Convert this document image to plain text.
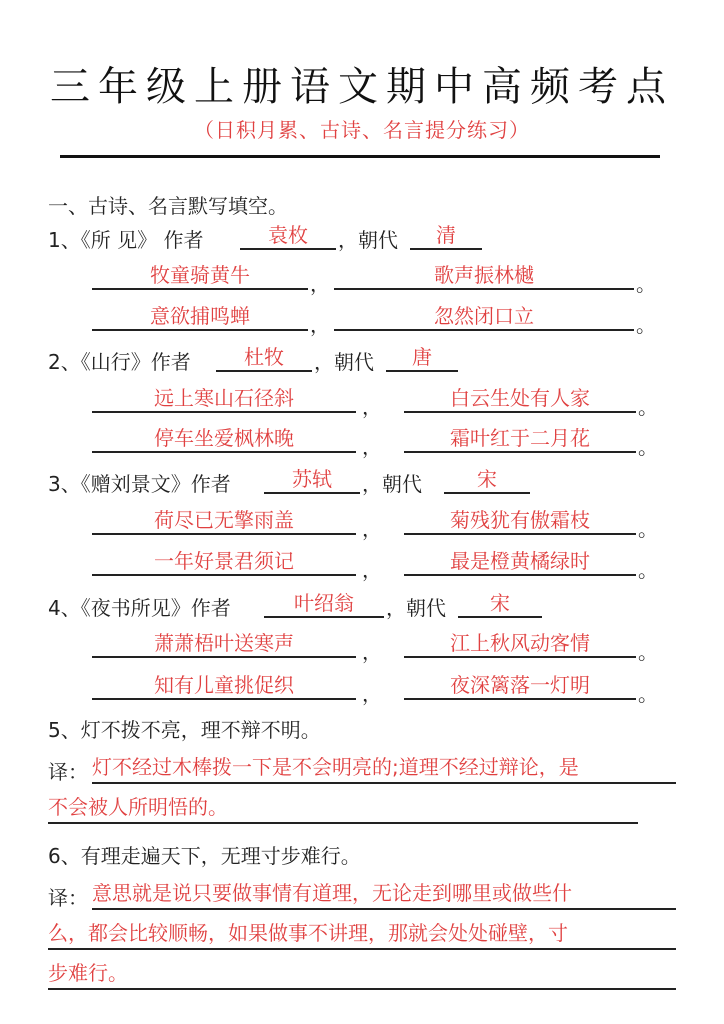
三年级上册语文期中高频考点
（日积月累、古诗、名言提分练习）
一、古诗、名言默写填空。
1、《所 见》 作者	袁枚	，朝代	清
牧童骑黄牛	，	歌声振林樾	。
意欲捕鸣蝉	，	忽然闭口立	。
2、《山行》作者	杜牧	，朝代	唐
远上寒山石径斜	，	白云生处有人家	。
停车坐爱枫林晚	，	霜叶红于二月花	。
3、《赠刘景文》作者	苏轼	，朝代	宋
荷尽已无擎雨盖	，	菊残犹有傲霜枝	。
一年好景君须记	，	最是橙黄橘绿时	。
4、《夜书所见》作者	叶绍翁	，朝代	宋
萧萧梧叶送寒声	，	江上秋风动客情	。
知有儿童挑促织	，	夜深篱落一灯明	。
5、灯不拨不亮，理不辩不明。
译： 灯不经过木棒拨一下是不会明亮的;道理不经过辩论，是
不会被人所明悟的。
6、有理走遍天下，无理寸步难行。
译： 意思就是说只要做事情有道理，无论走到哪里或做些什
么，都会比较顺畅，如果做事不讲理，那就会处处碰壁，寸
步难行。
